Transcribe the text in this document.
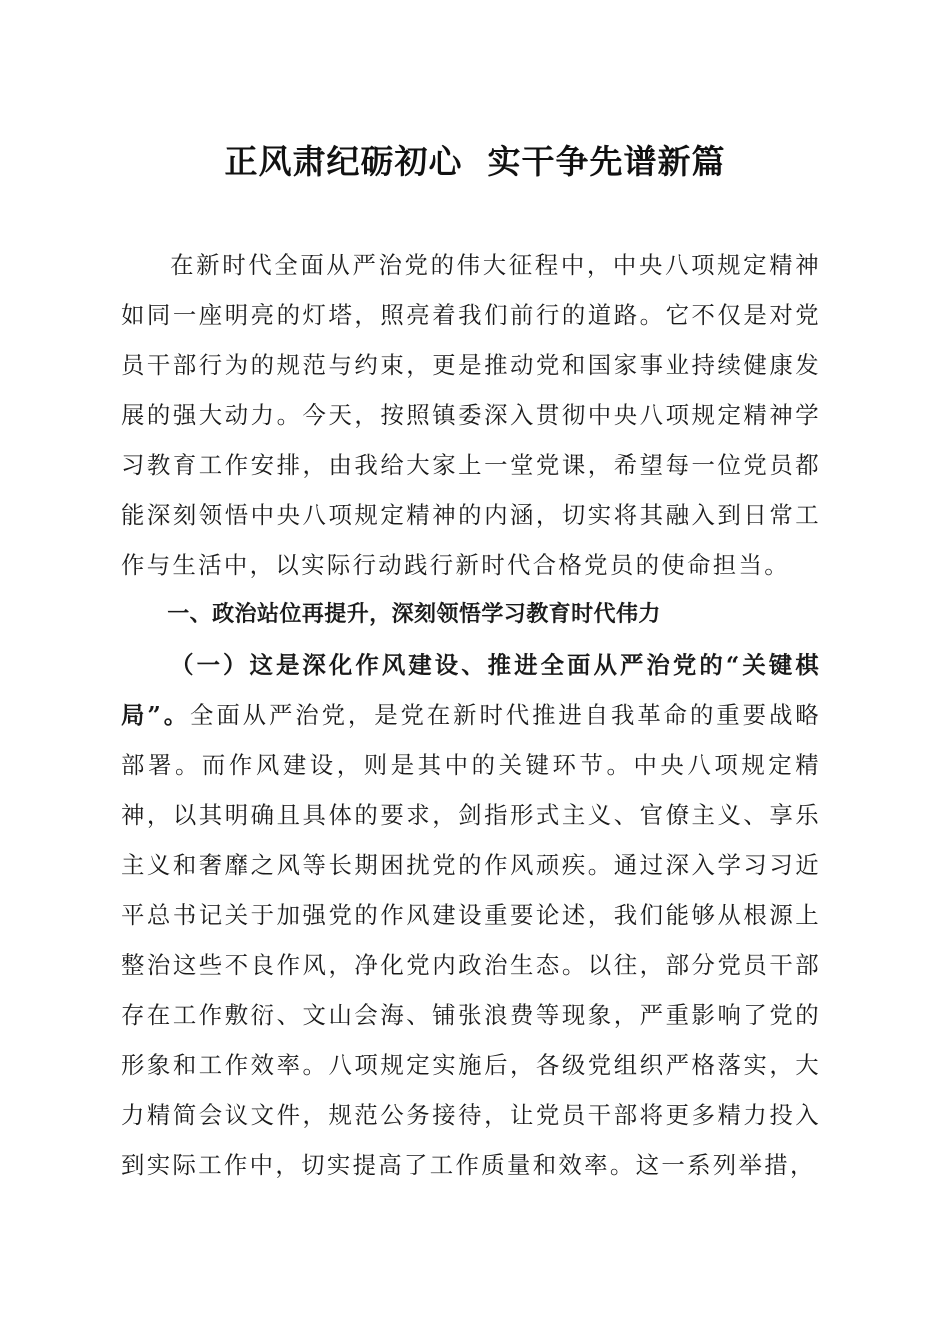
正风肃纪砺初心  实干争先谱新篇

在新时代全面从严治党的伟大征程中，中央八项规定精神如同一座明亮的灯塔，照亮着我们前行的道路。它不仅是对党员干部行为的规范与约束，更是推动党和国家事业持续健康发展的强大动力。今天，按照镇委深入贯彻中央八项规定精神学习教育工作安排，由我给大家上一堂党课，希望每一位党员都能深刻领悟中央八项规定精神的内涵，切实将其融入到日常工作与生活中，以实际行动践行新时代合格党员的使命担当。

一、政治站位再提升，深刻领悟学习教育时代伟力

（一）这是深化作风建设、推进全面从严治党的“关键棋局”。全面从严治党，是党在新时代推进自我革命的重要战略部署。而作风建设，则是其中的关键环节。中央八项规定精神，以其明确且具体的要求，剑指形式主义、官僚主义、享乐主义和奢靡之风等长期困扰党的作风顽疾。通过深入学习习近平总书记关于加强党的作风建设重要论述，我们能够从根源上整治这些不良作风，净化党内政治生态。以往，部分党员干部存在工作敷衍、文山会海、铺张浪费等现象，严重影响了党的形象和工作效率。八项规定实施后，各级党组织严格落实，大力精简会议文件，规范公务接待，让党员干部将更多精力投入到实际工作中，切实提高了工作质量和效率。这一系列举措，
